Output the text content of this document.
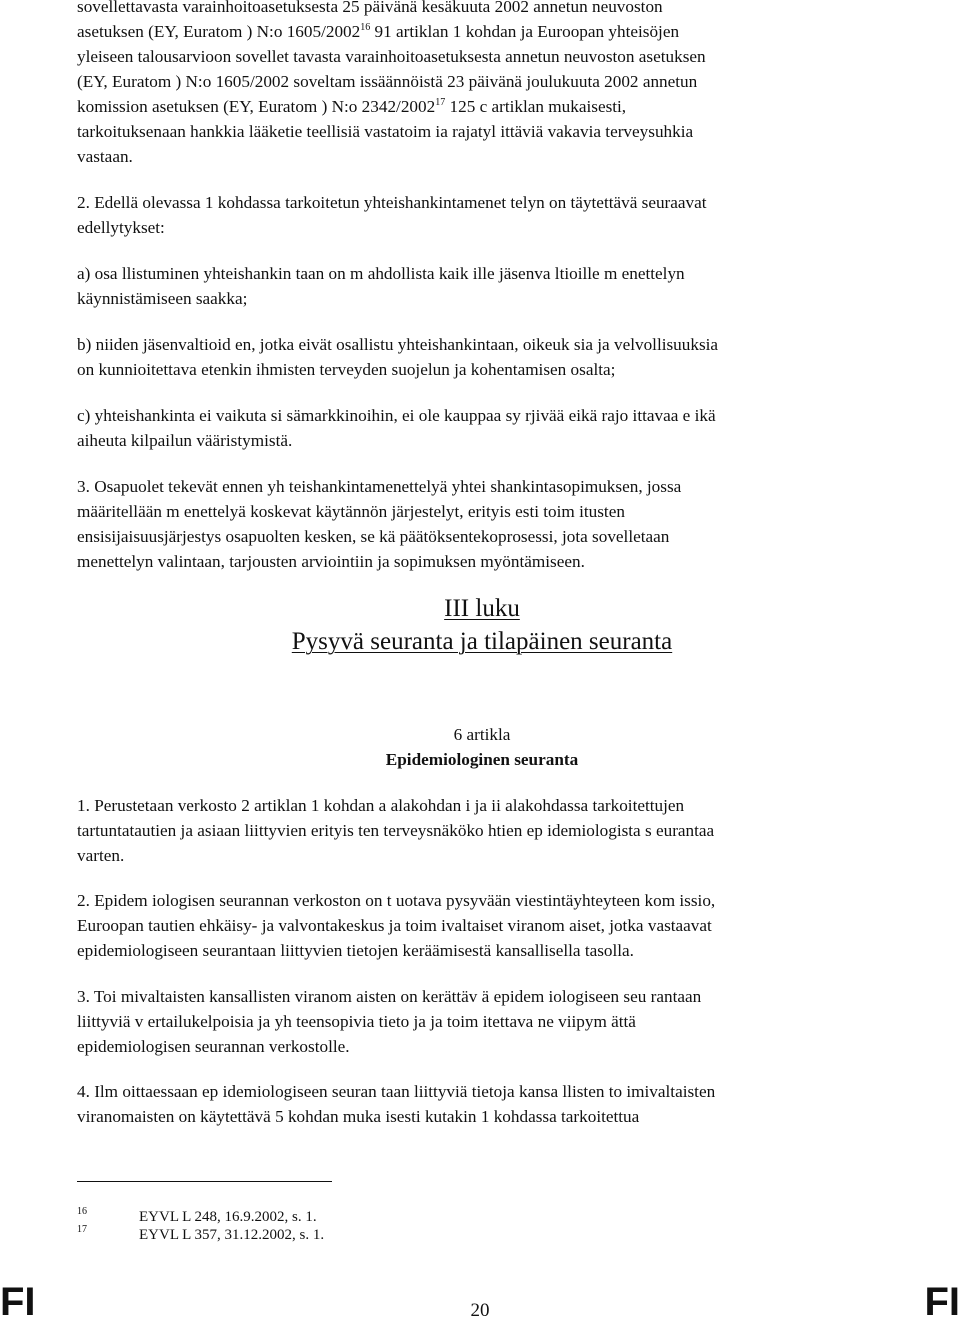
sovellettavasta varainhoitoasetuksesta 25 päivänä kesäkuuta 2002 annetun neuvoston
asetuksen (EY, Euratom ) N:o 1605/2002$^{16}$ 91 artiklan 1 kohdan ja Euroopan yhteisöjen
yleiseen talousarvioon sovellet tavasta varainhoitoasetuksesta annetun neuvoston asetuksen
(EY, Euratom ) N:o 1605/2002 soveltam issäännöistä 23 päivänä joulukuuta 2002 annetun
komission asetuksen (EY, Euratom ) N:o 2342/2002$^{17}$ 125 c artiklan mukaisesti,
tarkoituksenaan hankkia lääketie teellisiä vastatoim ia rajatyl ittäviä vakavia terveysuhkia
vastaan.
2. Edellä olevassa 1 kohdassa tarkoitetun yhteishankintamenet telyn on täytettävä seuraavat
edellytykset:
a) osa llistuminen yhteishankin taan on m ahdollista kaik ille jäsenva ltioille m enettelyn
käynnistämiseen saakka;
b) niiden jäsenvaltioid en, jotka eivät osallistu yhteishankintaan, oikeuk sia ja velvollisuuksia
on kunnioitettava etenkin ihmisten terveyden suojelun ja kohentamisen osalta;
c) yhteishankinta ei vaikuta si sämarkkinoihin, ei ole kauppaa sy rjivää eikä rajo ittavaa e ikä
aiheuta kilpailun vääristymistä.
3. Osapuolet tekevät ennen yh teishankintamenettelyä yhtei shankintasopimuksen, jossa
määritellään m enettelyä koskevat käytännön järjestelyt, erityis esti toim itusten
ensisijaisuusjärjestys osapuolten kesken, se kä päätöksentekoprosessi, jota sovelletaan
menettelyn valintaan, tarjousten arviointiin ja sopimuksen myöntämiseen.
III luku
Pysyvä seuranta ja tilapäinen seuranta
6 artikla
Epidemiologinen seuranta
1. Perustetaan verkosto 2 artiklan 1 kohdan a alakohdan i ja ii alakohdassa tarkoitettujen
tartuntatautien ja asiaan liittyvien erityis ten terveysnäköko htien ep idemiologista s eurantaa
varten.
2. Epidem iologisen seurannan verkoston on t uotava pysyvään viestintäyhteyteen kom issio,
Euroopan tautien ehkäisy- ja valvontakeskus ja toim ivaltaiset viranom aiset, jotka vastaavat
epidemiologiseen seurantaan liittyvien tietojen keräämisestä kansallisella tasolla.
3. Toi mivaltaisten kansallisten viranom aisten on kerättäv ä epidem iologiseen seu rantaan
liittyviä v ertailukelpoisia ja yh teensopivia tieto ja ja toim itettava ne viipym ättä
epidemiologisen seurannan verkostolle.
4. Ilm oittaessaan ep idemiologiseen seuran taan liittyviä tietoja kansa llisten to imivaltaisten
viranomaisten on käytettävä 5 kohdan muka isesti kutakin 1 kohdassa tarkoitettua
16	EYVL L 248, 16.9.2002, s. 1.
17	EYVL L 357, 31.12.2002, s. 1.
FI	FI
20
